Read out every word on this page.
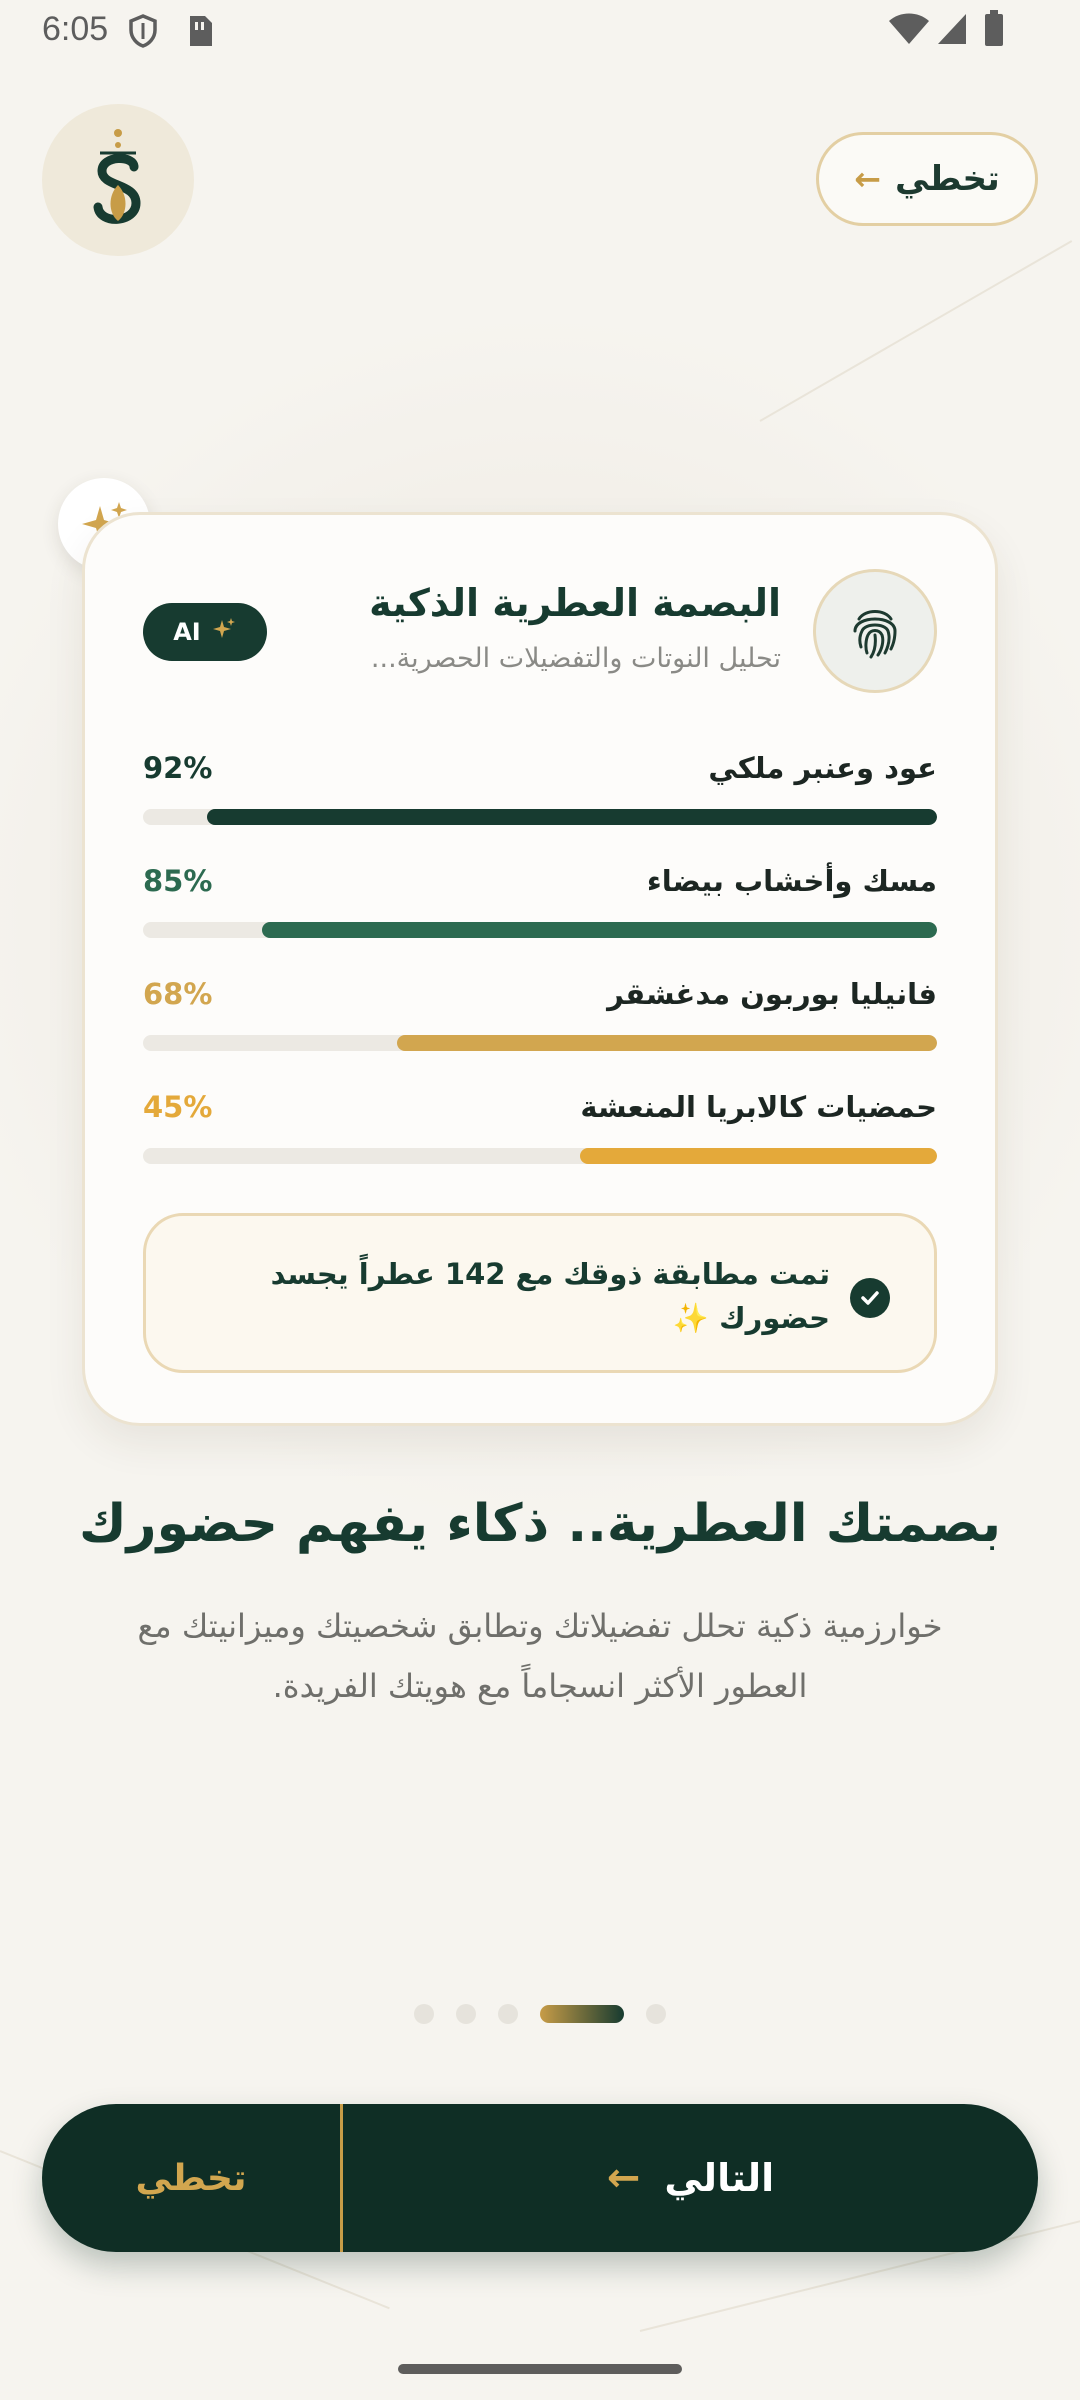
6:05
تخطي
←
البصمة العطرية الذكية
تحليل النوتات والتفضيلات الحصرية...
AI
عود وعنبر ملكي
92%
مسك وأخشاب بيضاء
85%
فانيليا بوربون مدغشقر
68%
حمضيات كالابريا المنعشة
45%
تمت مطابقة ذوقك مع 142 عطراً يجسد حضورك ✨
بصمتك العطرية.. ذكاء يفهم حضورك
خوارزمية ذكية تحلل تفضيلاتك وتطابق شخصيتك وميزانيتك مع العطور الأكثر انسجاماً مع هويتك الفريدة.
تخطي	التالي
←
